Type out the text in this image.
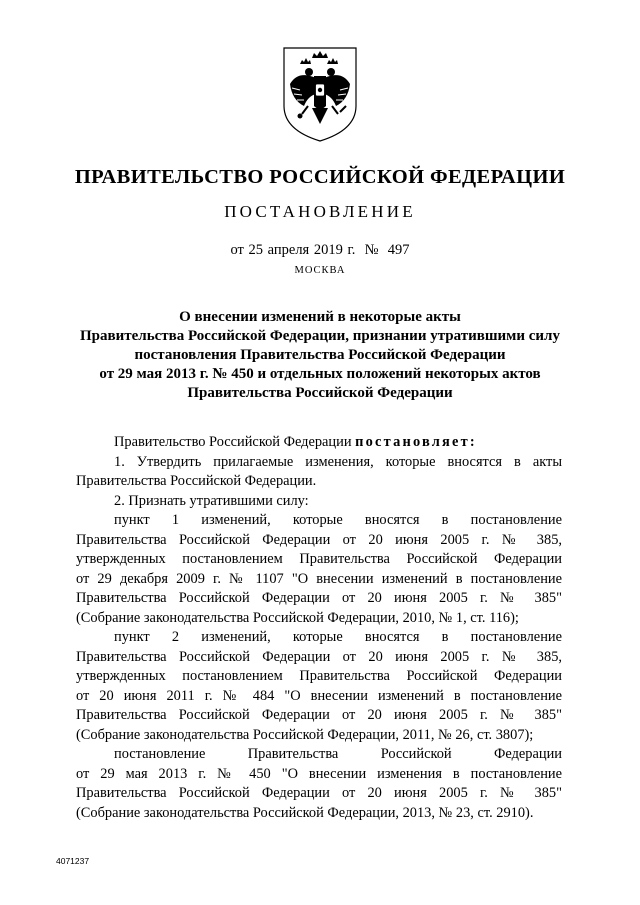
ПРАВИТЕЛЬСТВО РОССИЙСКОЙ ФЕДЕРАЦИИ
ПОСТАНОВЛЕНИЕ
от 25 апреля 2019 г.  №  497
МОСКВА
О внесении изменений в некоторые акты
Правительства Российской Федерации, признании утратившими силу
постановления Правительства Российской Федерации
от 29 мая 2013 г. № 450 и отдельных положений некоторых актов
Правительства Российской Федерации
Правительство Российской Федерации постановляет:
1. Утвердить прилагаемые изменения, которые вносятся в акты
Правительства Российской Федерации.
2. Признать утратившими силу:
пункт 1 изменений, которые вносятся в постановление
Правительства Российской Федерации от 20 июня 2005 г. № 385,
утвержденных постановлением Правительства Российской Федерации
от 29 декабря 2009 г. № 1107 "О внесении изменений в постановление
Правительства Российской Федерации от 20 июня 2005 г. № 385"
(Собрание законодательства Российской Федерации, 2010, № 1, ст. 116);
пункт 2 изменений, которые вносятся в постановление
Правительства Российской Федерации от 20 июня 2005 г. № 385,
утвержденных постановлением Правительства Российской Федерации
от 20 июня 2011 г. № 484 "О внесении изменений в постановление
Правительства Российской Федерации от 20 июня 2005 г. № 385"
(Собрание законодательства Российской Федерации, 2011, № 26, ст. 3807);
постановление Правительства Российской Федерации
от 29 мая 2013 г. № 450 "О внесении изменения в постановление
Правительства Российской Федерации от 20 июня 2005 г. № 385"
(Собрание законодательства Российской Федерации, 2013, № 23, ст. 2910).
4071237
